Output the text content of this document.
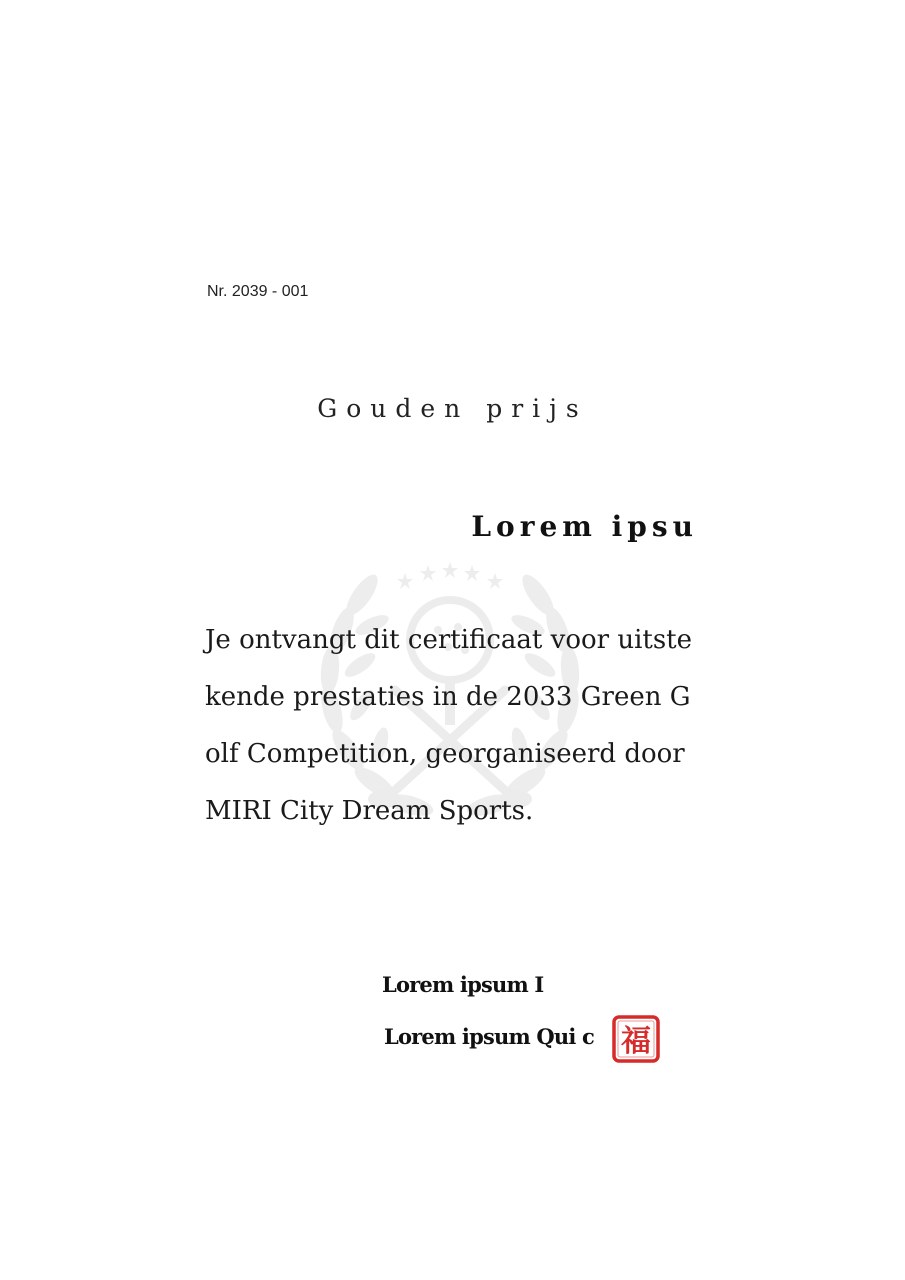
Nr. 2039 - 001
Gouden prijs
Lorem ipsu
Je ontvangt dit certificaat voor uitstekende prestaties in de 2033 Green Golf Competition, georganiseerd door MIRI City Dream Sports.
Lorem ipsum I
Lorem ipsum Qui c 福
